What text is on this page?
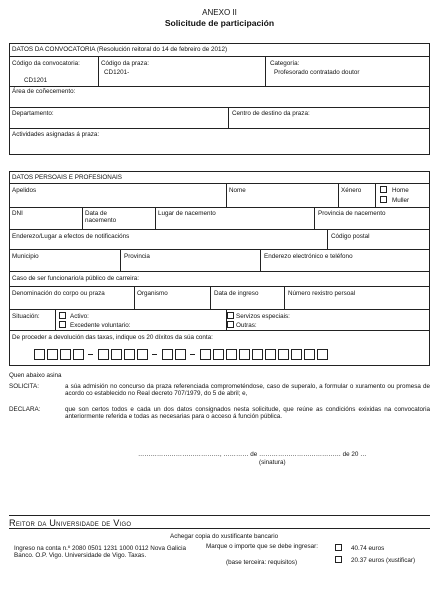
ANEXO II
Solicitude de participación
DATOS DA CONVOCATORIA (Resolución reitoral do 14 de febreiro de 2012)
Código da convocatoria:
CD1201
Código da praza:
CD1201-
Categoría:
Profesorado contratado doutor
Área de coñecemento:
Departamento:	Centro de destino da praza:
Actividades asignadas á praza:
DATOS PERSOAIS E PROFESIONAIS
Apelidos	Nome	Xénero	Home
Muller
DNI	Data de nacemento
Lugar de nacemento	Provincia de nacemento
Enderezo/Lugar a efectos de notificacións	Código postal
Municipio	Provincia	Enderezo electrónico e teléfono
Caso de ser funcionario/a público de carreira:
Denominación do corpo ou praza	Organismo	Data de ingreso	Número rexistro persoal
Situación:	Activo:
Excedente voluntario:
Servizos especiais:
Outras:
De proceder a devolución das taxas, indique os 20 díxitos da súa conta:
Quen abaixo asina
SOLICITA:	a súa admisión no concurso da praza referenciada comprometéndose, caso de superalo, a formular o xuramento ou promesa de acordo co establecido no Real decreto 707/1979, do 5 de abril; e,
DECLARA:	que son certos todos e cada un dos datos consignados nesta solicitude, que reúne as condicións exixidas na convocatoria anteriormente referida e todas as necesarias para o acceso á función pública.
…………………………………, ………… de ………………………………… de 20 …
(sinatura)
Reitor da Universidade de Vigo
Achegar copia do xustificante bancario
Ingreso na conta n.º 2080 0501 1231 1000 0112 Nova Galicia Banco. O.P. Vigo. Universidade de Vigo. Taxas.
Marque o importe que se debe ingresar:
(base terceira: requisitos)
40.74 euros
20.37 euros (xustificar)
